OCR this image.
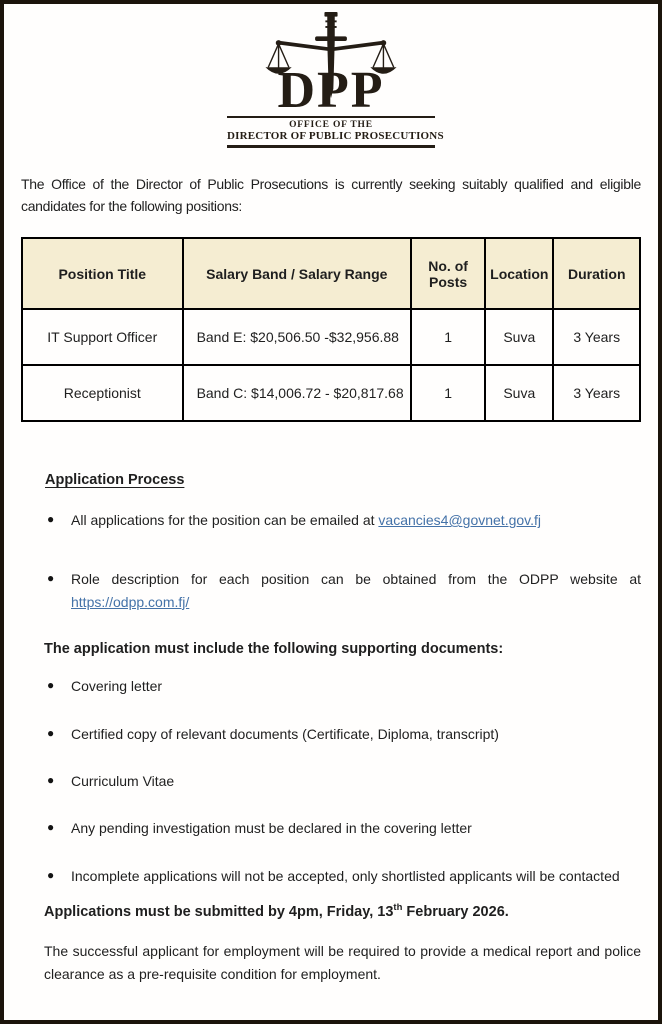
DPP
OFFICE OF THE
DIRECTOR OF PUBLIC PROSECUTIONS

The Office of the Director of Public Prosecutions is currently seeking suitably qualified and eligible candidates for the following positions:

Position Title	Salary Band / Salary Range	No. of Posts	Location	Duration
IT Support Officer	Band E: $20,506.50 -$32,956.88	1	Suva	3 Years
Receptionist	Band C: $14,006.72 - $20,817.68	1	Suva	3 Years
Application Process
● All applications for the position can be emailed at vacancies4@govnet.gov.fj
● Role description for each position can be obtained from the ODPP website at https://odpp.com.fj/

The application must include the following supporting documents:

● Covering letter
● Certified copy of relevant documents (Certificate, Diploma, transcript)
● Curriculum Vitae
● Any pending investigation must be declared in the covering letter
● Incomplete applications will not be accepted, only shortlisted applicants will be contacted

Applications must be submitted by 4pm, Friday, 13th February 2026.

The successful applicant for employment will be required to provide a medical report and police clearance as a pre-requisite condition for employment.
